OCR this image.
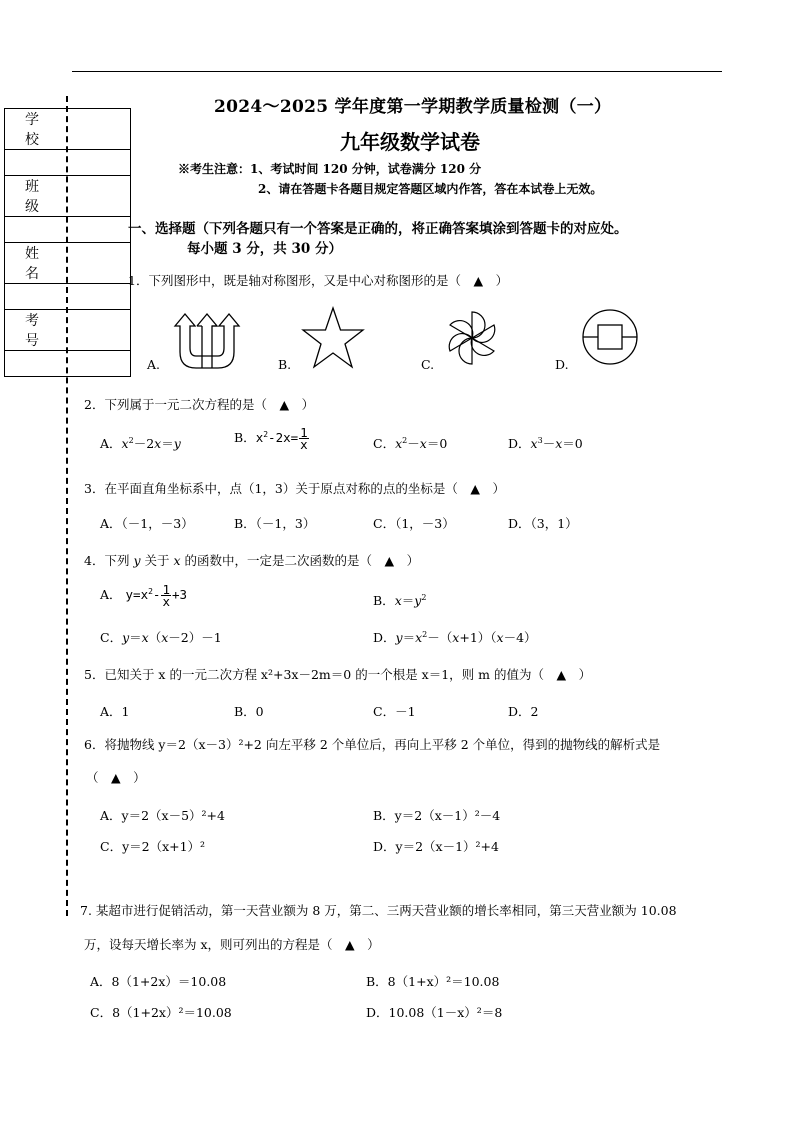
学 校

班 级

姓 名

考 号

2024～2025 学年度第一学期教学质量检测（一）
九年级数学试卷
※考生注意：1、考试时间 120 分钟，试卷满分 120 分
2、请在答题卡各题目规定答题区域内作答，答在本试卷上无效。
一、选择题（下列各题只有一个答案是正确的，将正确答案填涂到答题卡的对应处。
每小题 3 分，共 30 分）
1．下列图形中，既是轴对称图形，又是中心对称图形的是（　▲　）
A.	B.	C.	D.
2．下列属于一元二次方程的是（　▲　）
A．$x^2-2x=y$	B．$x^2-2x= \frac{1}{x}$	C．$x^2-x=0$	D．$x^3-x=0$
3．在平面直角坐标系中，点（1，3）关于原点对称的点的坐标是（　▲　）
A．（－1，－3）	B．（－1，3）	C．（1，－3）	D．（3，1）
4．下列 y 关于 x 的函数中，一定是二次函数的是（　▲　）
A． $y=x^2- \frac{1}{x} +3$	B．$x=y^2$
C．y＝x（x－2）－1	D．$y=x^2-(x+1)(x-4)$
5．已知关于 x 的一元二次方程 x²+3x－2m＝0 的一个根是 x＝1，则 m 的值为（　▲　）
A．1	B．0	C．－1	D．2
6．将抛物线 y＝2（x－3）²+2 向左平移 2 个单位后，再向上平移 2 个单位，得到的抛物线的解析式是
（　▲　）
A．y＝2（x－5）²+4	B．y＝2（x－1）²－4
C．y＝2（x+1）²	D．y＝2（x－1）²+4
7. 某超市进行促销活动，第一天营业额为 8 万，第二、三两天营业额的增长率相同，第三天营业额为 10.08
万，设每天增长率为 x，则可列出的方程是（　▲　）
A．8（1+2x）＝10.08	B．8（1+x）²＝10.08
C．8（1+2x）²＝10.08	D．10.08（1－x）²＝8
